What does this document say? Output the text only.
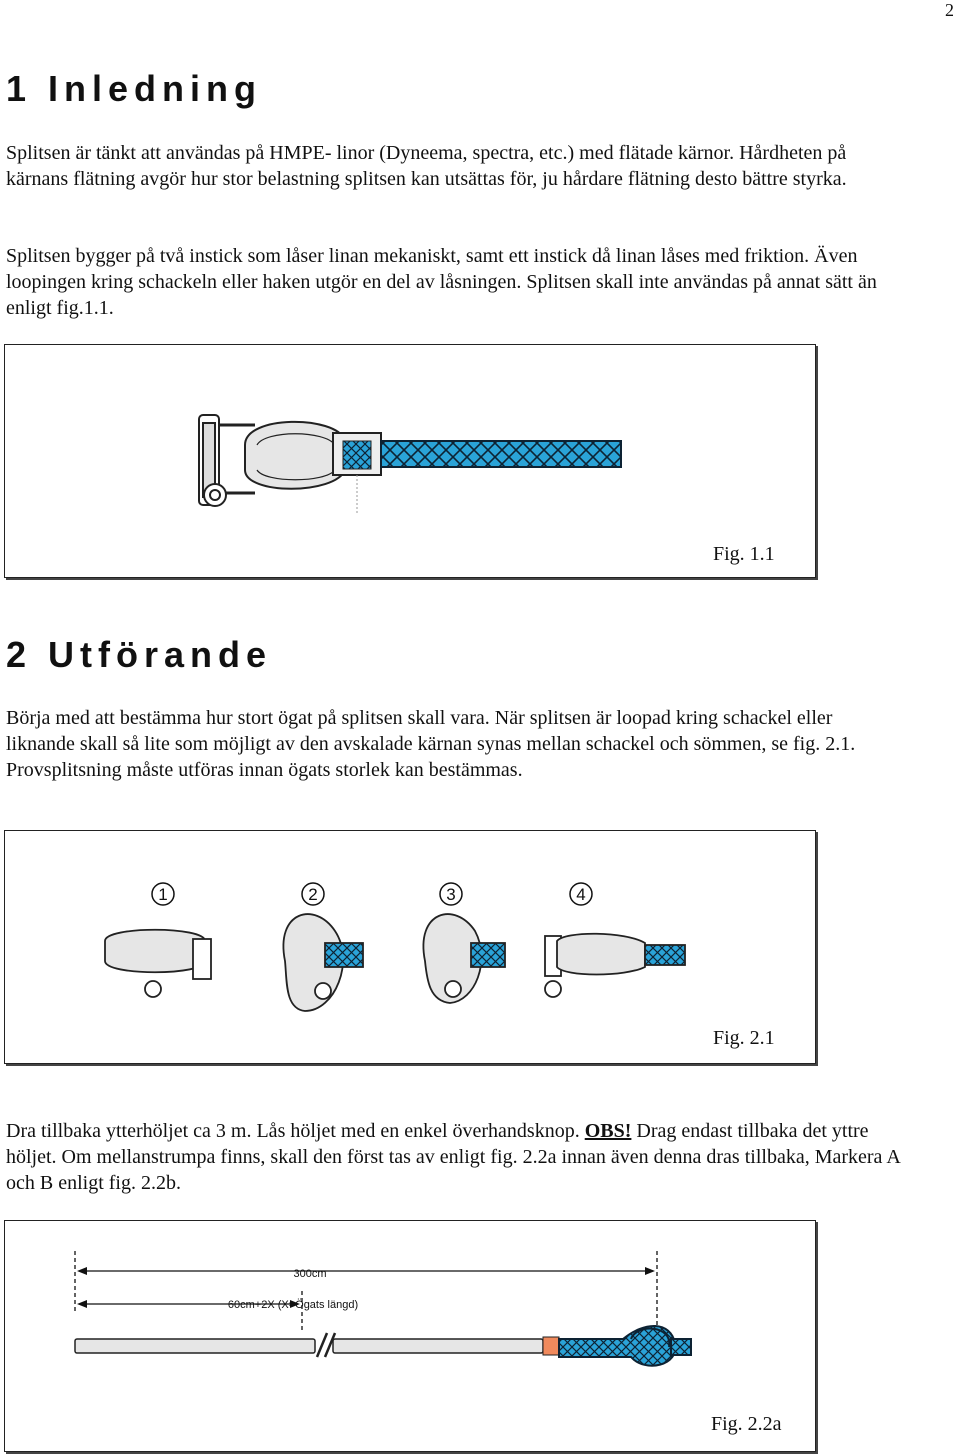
2
1 Inledning

Splitsen är tänkt att användas på HMPE- linor (Dyneema, spectra, etc.) med flätade kärnor. Hårdheten på kärnans flätning avgör hur stor belastning splitsen kan utsättas för, ju hårdare flätning desto bättre styrka.

Splitsen bygger på två instick som låser linan mekaniskt, samt ett instick då linan låses med friktion. Även loopingen kring schackeln eller haken utgör en del av låsningen. Splitsen skall inte användas på annat sätt än enligt fig.1.1.

Fig. 1.1
2 Utförande

Börja med att bestämma hur stort ögat på splitsen skall vara. När splitsen är loopad kring schackel eller liknande skall så lite som möjligt av den avskalade kärnan synas mellan schackel och sömmen, se fig. 2.1. Provsplitsning måste utföras innan ögats storlek kan bestämmas.

1	2	3	4
Fig. 2.1

Dra tillbaka ytterhöljet ca 3 m. Lås höljet med en enkel överhandsknop. OBS! Drag endast tillbaka det yttre höljet. Om mellanstrumpa finns, skall den först tas av enligt fig. 2.2a innan även denna dras tillbaka, Markera A och B enligt fig. 2.2b.

300cm
60cm+2X (X=Ögats längd)
Fig. 2.2a
